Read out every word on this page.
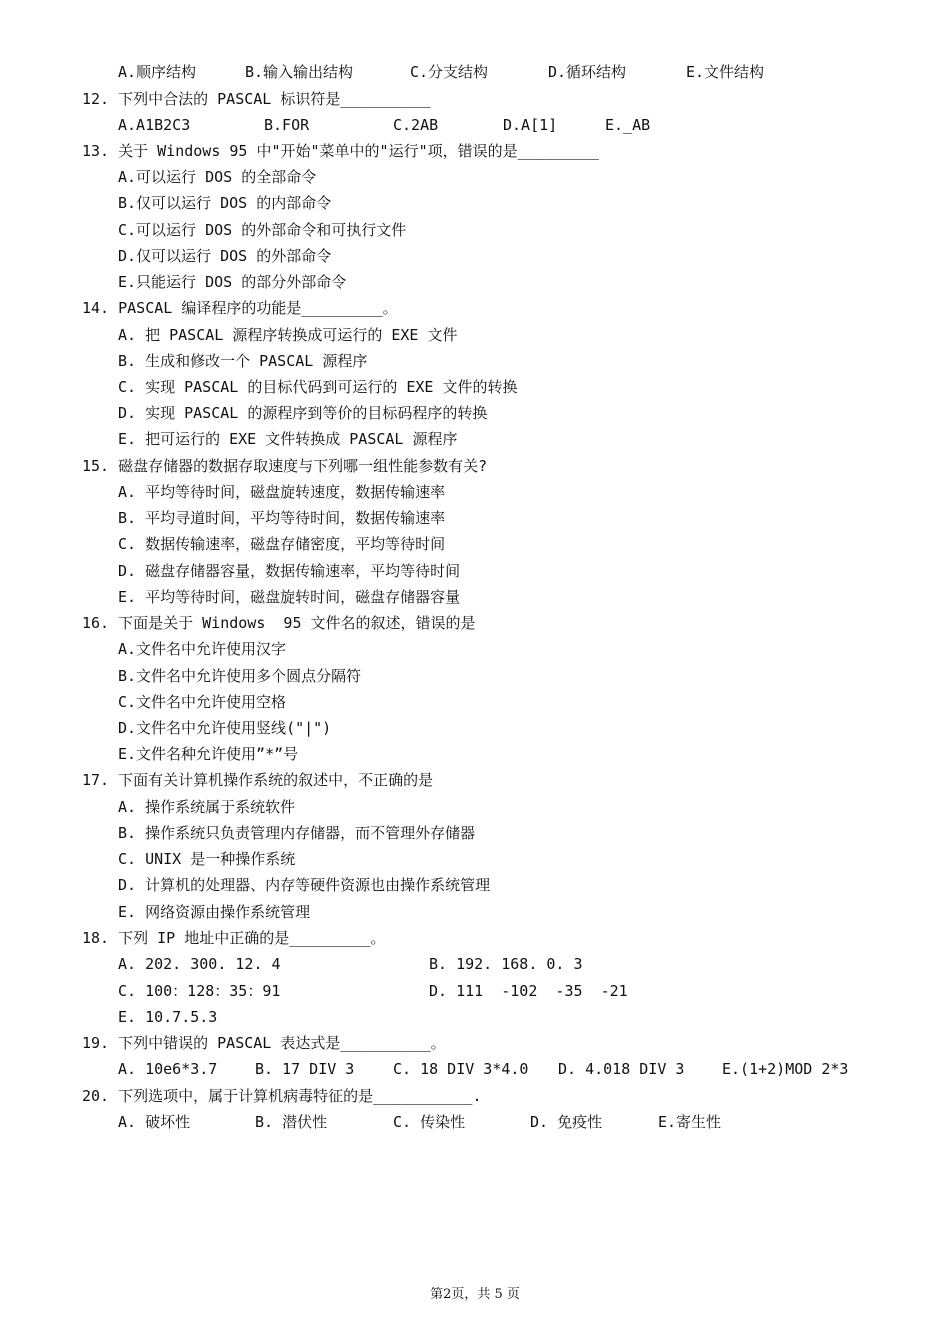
A.顺序结构

	B.输入输出结构

	C.分支结构

	D.循环结构

	E.文件结构

12. 下列中合法的 PASCAL 标识符是__________

A.A1B2C3

	B.FOR

	C.2AB

	D.A[1]

	E._AB

13. 关于 Windows 95 中"开始"菜单中的"运行"项，错误的是_________
A.可以运行 DOS 的全部命令
B.仅可以运行 DOS 的内部命令
C.可以运行 DOS 的外部命令和可执行文件
D.仅可以运行 DOS 的外部命令
E.只能运行 DOS 的部分外部命令
14. PASCAL 编译程序的功能是_________。
A. 把 PASCAL 源程序转换成可运行的 EXE 文件
B. 生成和修改一个 PASCAL 源程序
C. 实现 PASCAL 的目标代码到可运行的 EXE 文件的转换
D. 实现 PASCAL 的源程序到等价的目标码程序的转换
E. 把可运行的 EXE 文件转换成 PASCAL 源程序
15. 磁盘存储器的数据存取速度与下列哪一组性能参数有关?
A. 平均等待时间，磁盘旋转速度，数据传输速率
B. 平均寻道时间，平均等待时间，数据传输速率
C. 数据传输速率，磁盘存储密度，平均等待时间
D. 磁盘存储器容量，数据传输速率，平均等待时间
E. 平均等待时间，磁盘旋转时间，磁盘存储器容量
16. 下面是关于 Windows  95 文件名的叙述，错误的是
A.文件名中允许使用汉字
B.文件名中允许使用多个圆点分隔符
C.文件名中允许使用空格
D.文件名中允许使用竖线("|")
E.文件名种允许使用”*”号
17. 下面有关计算机操作系统的叙述中，不正确的是
A. 操作系统属于系统软件
B. 操作系统只负责管理内存储器，而不管理外存储器
C. UNIX 是一种操作系统
D. 计算机的处理器、内存等硬件资源也由操作系统管理
E. 网络资源由操作系统管理
18. 下列 IP 地址中正确的是_________。

A. 202. 300. 12. 4

	B. 192. 168. 0. 3

C. 100：128：35：91

	D. 111  -102  -35  -21

E. 10.7.5.3
19. 下列中错误的 PASCAL 表达式是__________。

A. 10e6*3.7

	B. 17 DIV 3

	C. 18 DIV 3*4.0

D. 4.018 DIV 3

	E.(1+2)MOD 2*3

20. 下列选项中，属于计算机病毒特征的是___________.

A. 破坏性

	B. 潜伏性

	C. 传染性

	D. 免疫性

	E.寄生性

第2页，共 5 页
